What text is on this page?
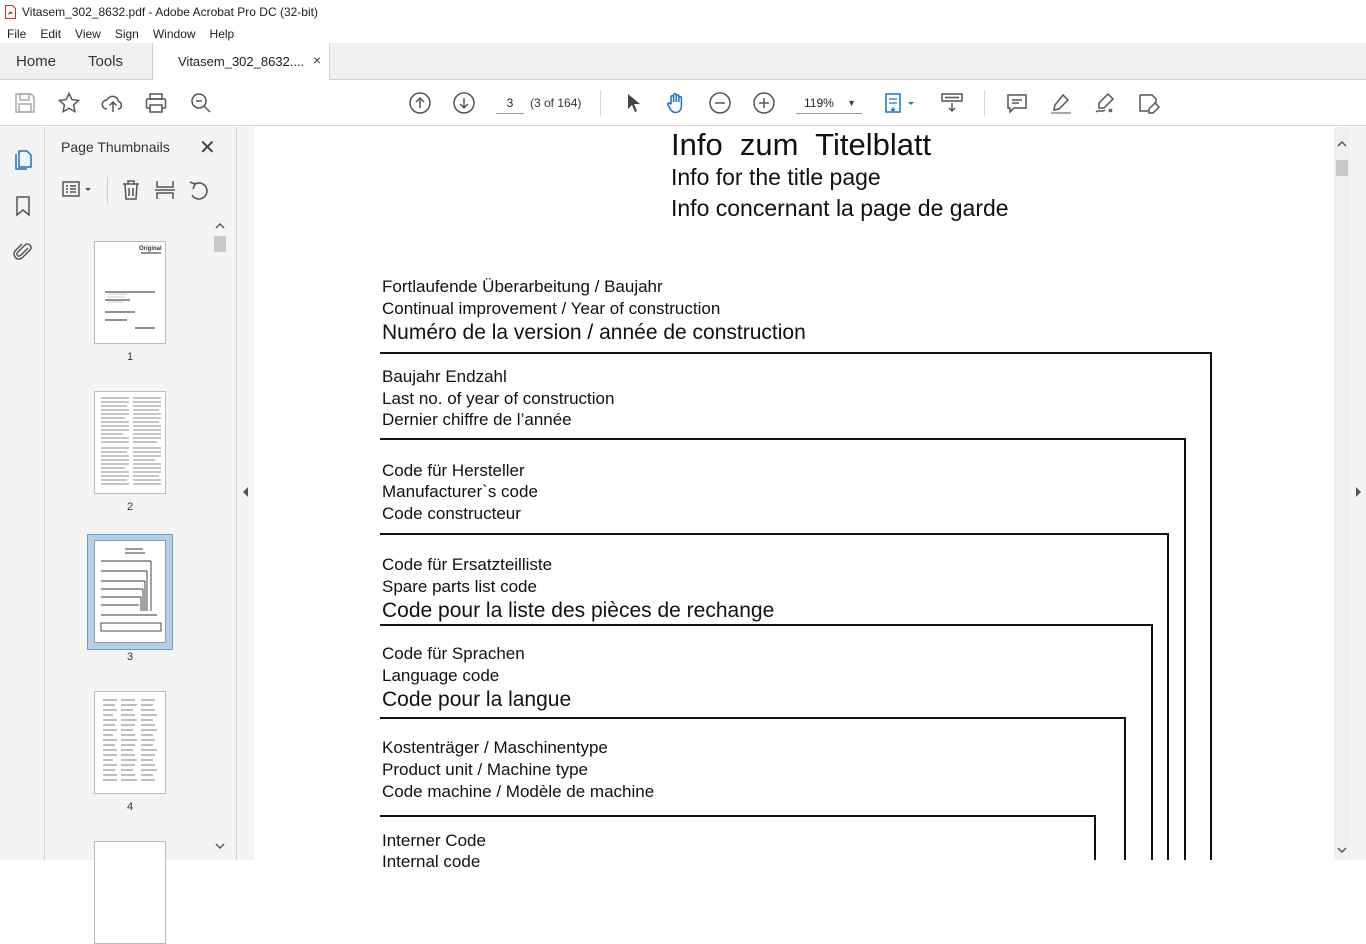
Vitasem_302_8632.pdf - Adobe Acrobat Pro DC (32-bit)
File	Edit	View	Sign	Window	Help
Home Tools	Vitasem_302_8632.... ×
3	(3 of 164)	119% ▼
Page Thumbnails ✕
Original
1
2
3
4
Info  zum  Titelblatt
Info for the title page
Info concernant la page de garde
Fortlaufende Überarbeitung / Baujahr
Continual improvement / Year of construction
Numéro de la version / année de construction
Baujahr Endzahl
Last no. of year of construction
Dernier chiffre de l’année
Code für Hersteller
Manufacturer`s code
Code constructeur
Code für Ersatzteilliste
Spare parts list code
Code pour la liste des pièces de rechange
Code für Sprachen
Language code
Code pour la langue
Kostenträger / Maschinentype
Product unit / Machine type
Code machine / Modèle de machine
Interner Code
Internal code
